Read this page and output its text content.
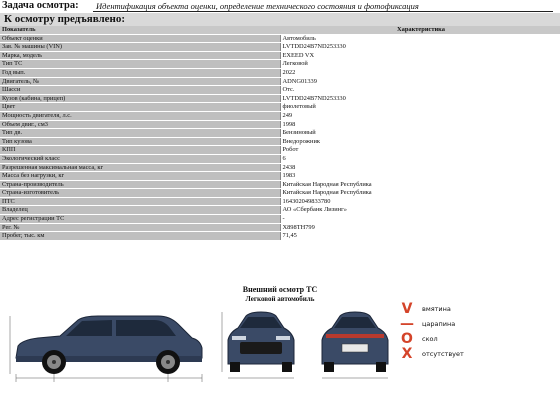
Задача осмотра: Идентификация объекта оценки, определение технического состояния и фотофиксация
К осмотру предъявлено:
Показатель	Характеристика
Объект оценки	Автомобиль
Зав. № машины (VIN)	LVTDD24B7ND253330
Марка, модель	EXEED VX
Тип ТС	Легковой
Год вып.	2022
Двигатель, №	ADNG01339
Шасси	Отс.
Кузов (кабина, прицеп)	LVTDD24B7ND253330
Цвет	фиолетовый
Мощность двигателя, л.с.	249
Объем двиг., см3	1998
Тип дв.	Бензиновый
Тип кузова	Внедорожник
КПП	Робот
Экологический класс	6
Разрешенная максимальная масса, кг	2438
Масса без нагрузки, кг	1983
Страна-производитель	Китайская Народная Республика
Страна-изготовитель	Китайская Народная Республика
ПТС	164302049833780
Владелец	АО «Сбербанк Лизинг»
Адрес регистрации ТС	-
Рег. №	Х898ТН799
Пробег, тыс. км	71,45
Внешний осмотр ТС
Легковой автомобиль
V	вмятина
—	царапина
O	скол
X	отсутствует
